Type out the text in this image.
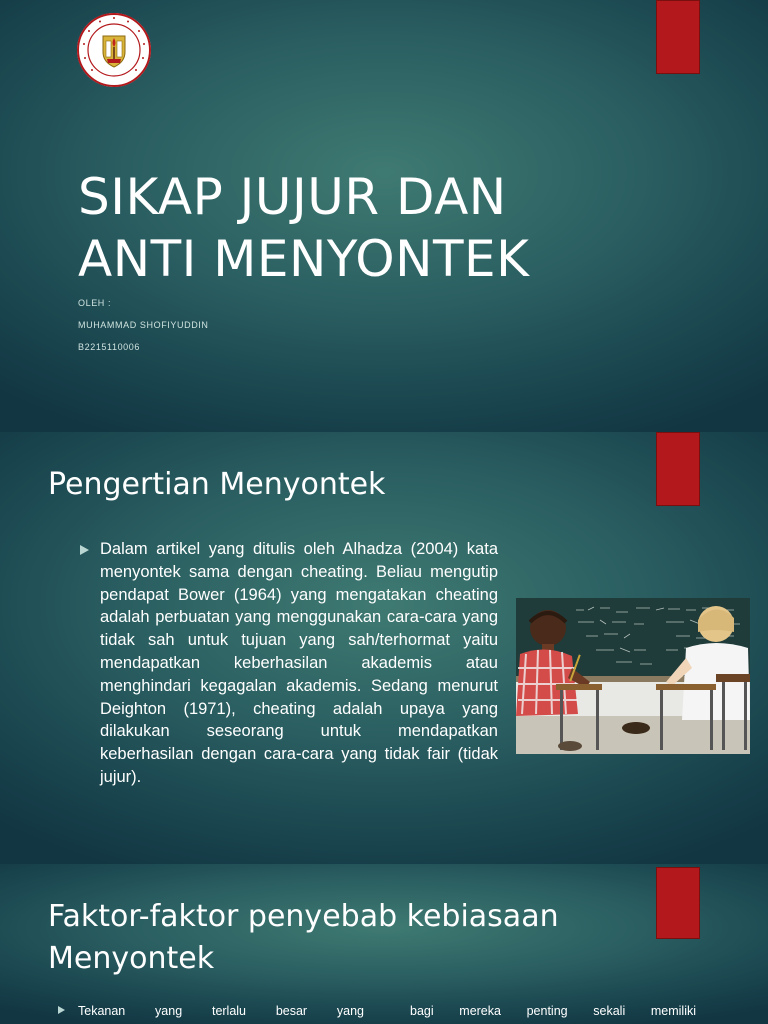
SIKAP JUJUR DAN
ANTI MENYONTEK
OLEH :
MUHAMMAD SHOFIYUDDIN
B2215110006
Pengertian Menyontek
Dalam artikel yang ditulis oleh Alhadza (2004) kata menyontek sama dengan cheating. Beliau mengutip pendapat Bower (1964) yang mengatakan cheating adalah perbuatan yang menggunakan cara-cara yang tidak sah untuk tujuan yang sah/terhormat yaitu mendapatkan keberhasilan akademis atau menghindari kegagalan akademis. Sedang menurut Deighton (1971), cheating adalah upaya yang dilakukan seseorang untuk mendapatkan keberhasilan dengan cara-cara yang tidak fair (tidak jujur).
Faktor-faktor penyebab kebiasaan
Menyontek
Tekanan yang terlalu besar yang	bagi mereka penting sekali memiliki
